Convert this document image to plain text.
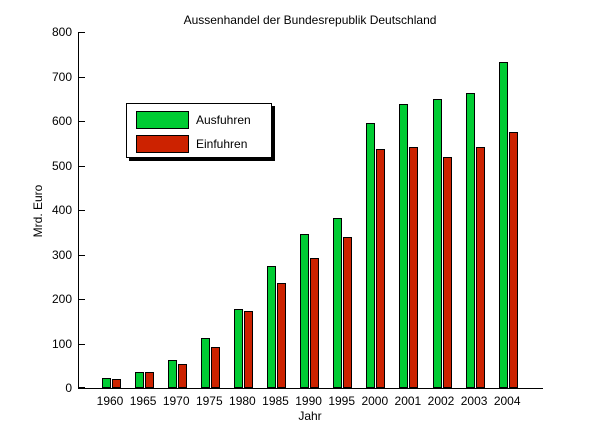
Aussenhandel der Bundesrepublik Deutschland
Mrd. Euro
0
100
200
300
400
500
600
700
800
1960 1965 1970 1975 1980 1985 1990 1995 2000 2001 2002 2003 2004
Ausfuhren
Einfuhren
Jahr
